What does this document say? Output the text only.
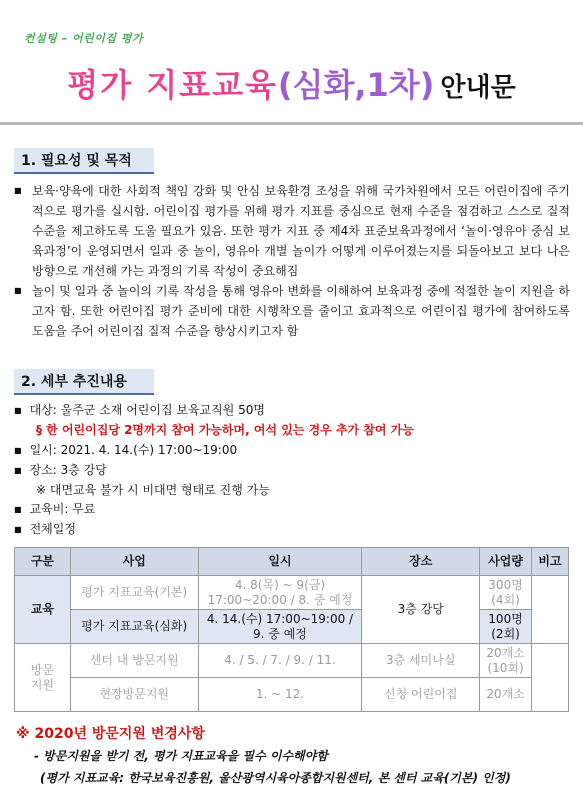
컨설팅 – 어린이집 평가
평가 지표교육(심화,1차) 안내문
1. 필요성 및 목적
■ 보육·양육에 대한 사회적 책임 강화 및 안심 보육환경 조성을 위해 국가차원에서 모든 어린이집에 주기적으로 평가를 실시함. 어린이집 평가를 위해 평가 지표를 중심으로 현재 수준을 점검하고 스스로 질적 수준을 제고하도록 도울 필요가 있음. 또한 평가 지표 중 제4차 표준보육과정에서 ‘놀이·영유아 중심 보육과정’이 운영되면서 일과 중 놀이, 영유아 개별 놀이가 어떻게 이루어졌는지를 되돌아보고 보다 나은 방향으로 개선해 가는 과정의 기록 작성이 중요해짐
■ 놀이 및 일과 중 놀이의 기록 작성을 통해 영유아 변화를 이해하여 보육과정 중에 적절한 놀이 지원을 하고자 함. 또한 어린이집 평가 준비에 대한 시행착오를 줄이고 효과적으로 어린이집 평가에 참여하도록 도움을 주어 어린이집 질적 수준을 향상시키고자 함
2. 세부 추진내용
■ 대상: 울주군 소재 어린이집 보육교직원 50명
§ 한 어린이집당 2명까지 참여 가능하며, 여석 있는 경우 추가 참여 가능
■ 일시: 2021. 4. 14.(수) 17:00~19:00
■ 장소: 3층 강당
※ 대면교육 불가 시 비대면 형태로 진행 가능
■ 교육비: 무료
■ 전체일정
구분	사업	일시	장소	사업량	비고
교육	평가 지표교육(기본)	4. 8(목) ~ 9(금)
17:00~20:00 / 8. 중 예정	3층 강당	300명
(4회)	
	평가 지표교육(심화)	4. 14.(수) 17:00~19:00 /
9. 중 예정		100명
(2회)	
방문
지원	센터 내 방문지원	4. / 5. / 7. / 9. / 11.	3층 세미나실	20개소
(10회)	
	현장방문지원	1. ~ 12.	신청 어린이집	20개소	
※ 2020년 방문지원 변경사항
- 방문지원을 받기 전, 평가 지표교육을 필수 이수해야함
(평가 지표교육: 한국보육진흥원, 울산광역시육아종합지원센터, 본 센터 교육(기본) 인정)
